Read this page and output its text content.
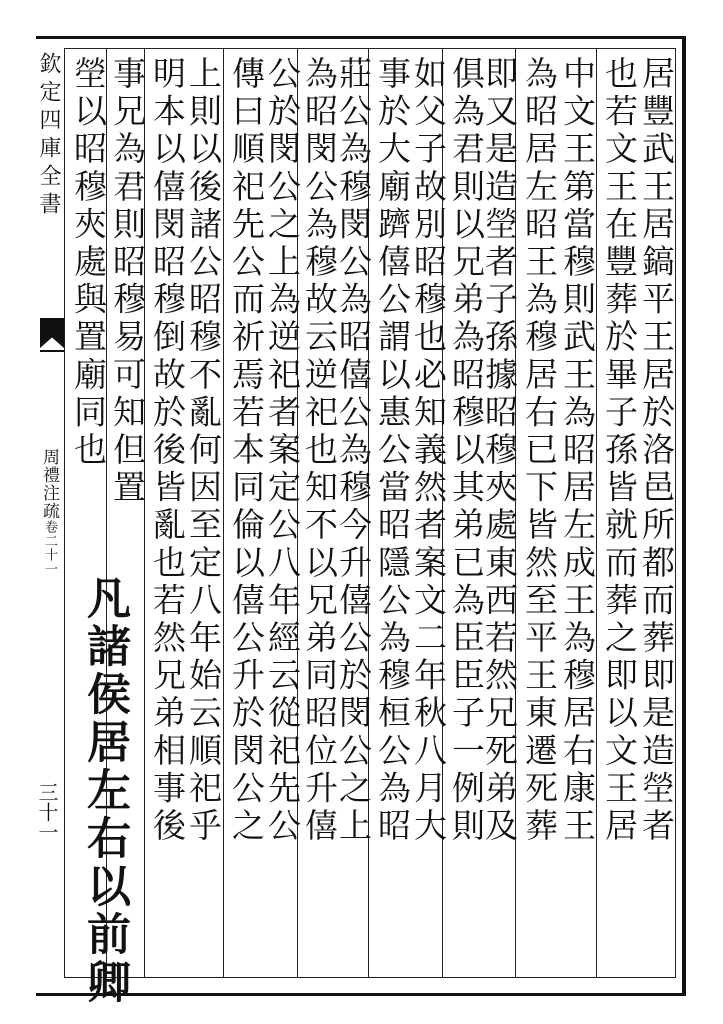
欽定四庫全書
周禮注疏卷二十一
三十一	居豐武王居鎬平王居於洛邑所都而葬即是造塋者
也若文王在豐葬於畢子孫皆就而葬之即以文王居
中文王第當穆則武王為昭居左成王為穆居右康王
為昭居左昭王為穆居右已下皆然至平王東遷死葬
即又是造塋者子孫據昭穆夾處東西若然兄死弟及
俱為君則以兄弟為昭穆以其弟已為臣臣子一例則
如父子故別昭穆也必知義然者案文二年秋八月大
事於大廟躋僖公謂以惠公當昭隱公為穆桓公為昭
莊公為穆閔公為昭僖公為穆今升僖公於閔公之上
為昭閔公為穆故云逆祀也知不以兄弟同昭位升僖
公於閔公之上為逆祀者案定公八年經云從祀先公
傳曰順祀先公而祈焉若本同倫以僖公升於閔公之
上則以後諸公昭穆不亂何因至定八年始云順祀乎
明本以僖閔昭穆倒故於後皆亂也若然兄弟相事後
事兄為君則昭穆易可知但置
塋以昭穆夾處與置廟同也
凡諸侯居左右以前卿
